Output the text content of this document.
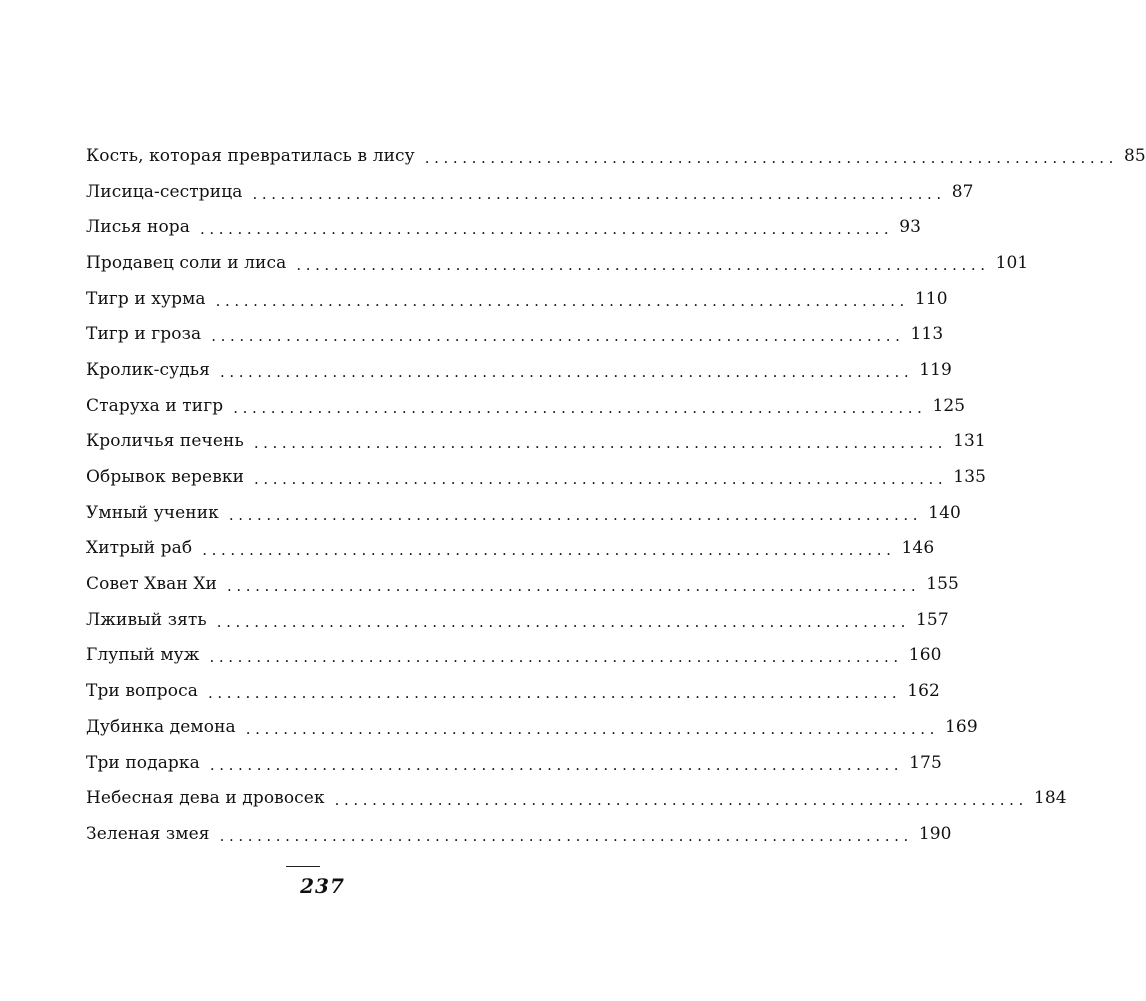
Кость, которая превратилась в лису .......................................................................... 85
Лисица-сестрица .......................................................................... 87
Лисья нора .......................................................................... 93
Продавец соли и лиса .......................................................................... 101
Тигр и хурма .......................................................................... 110
Тигр и гроза .......................................................................... 113
Кролик-судья .......................................................................... 119
Старуха и тигр .......................................................................... 125
Кроличья печень .......................................................................... 131
Обрывок веревки .......................................................................... 135
Умный ученик .......................................................................... 140
Хитрый раб .......................................................................... 146
Совет Хван Хи .......................................................................... 155
Лживый зять .......................................................................... 157
Глупый муж .......................................................................... 160
Три вопроса .......................................................................... 162
Дубинка демона .......................................................................... 169
Три подарка .......................................................................... 175
Небесная дева и дровосек .......................................................................... 184
Зеленая змея .......................................................................... 190
237
